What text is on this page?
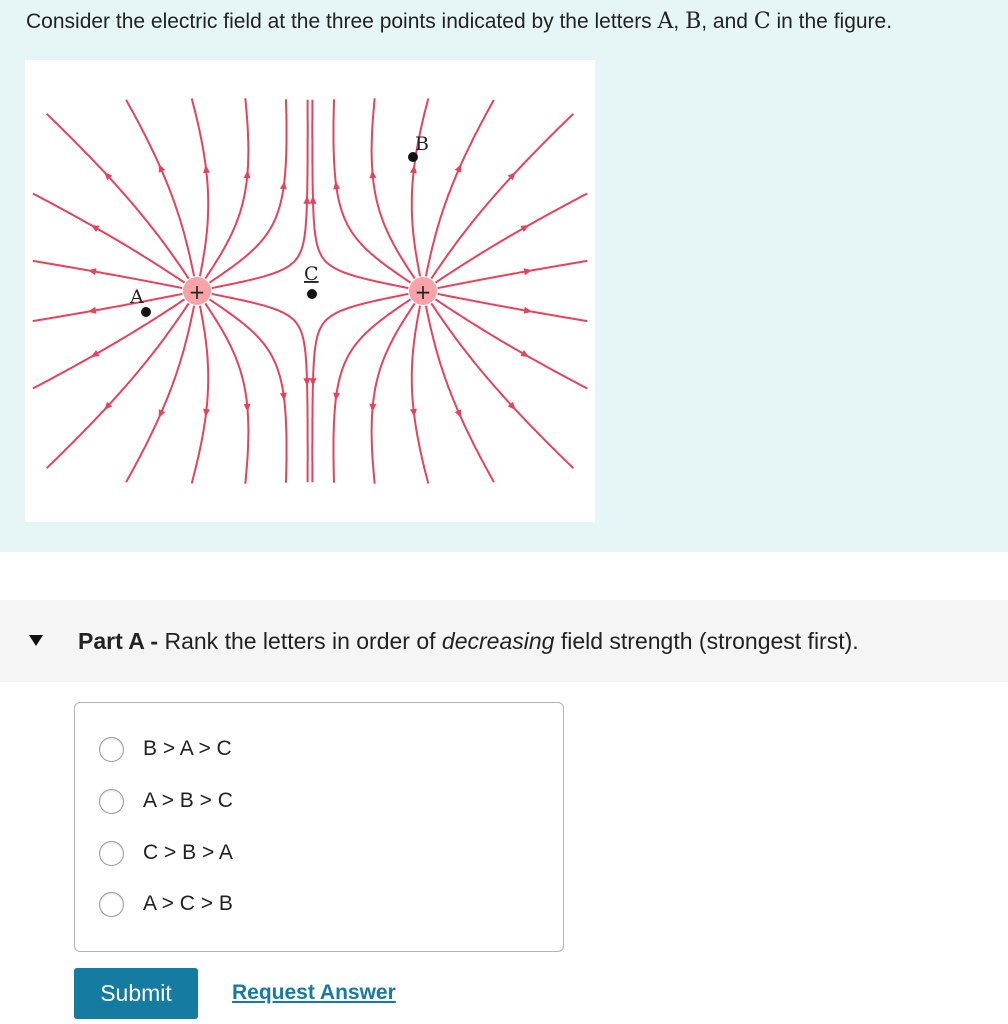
Consider the electric field at the three points indicated by the letters A, B, and C in the figure.
+	+
A
B
C
Part A - Rank the letters in order of decreasing field strength (strongest first).
B > A > C
A > B > C
C > B > A
A > C > B
Submit	Request Answer
